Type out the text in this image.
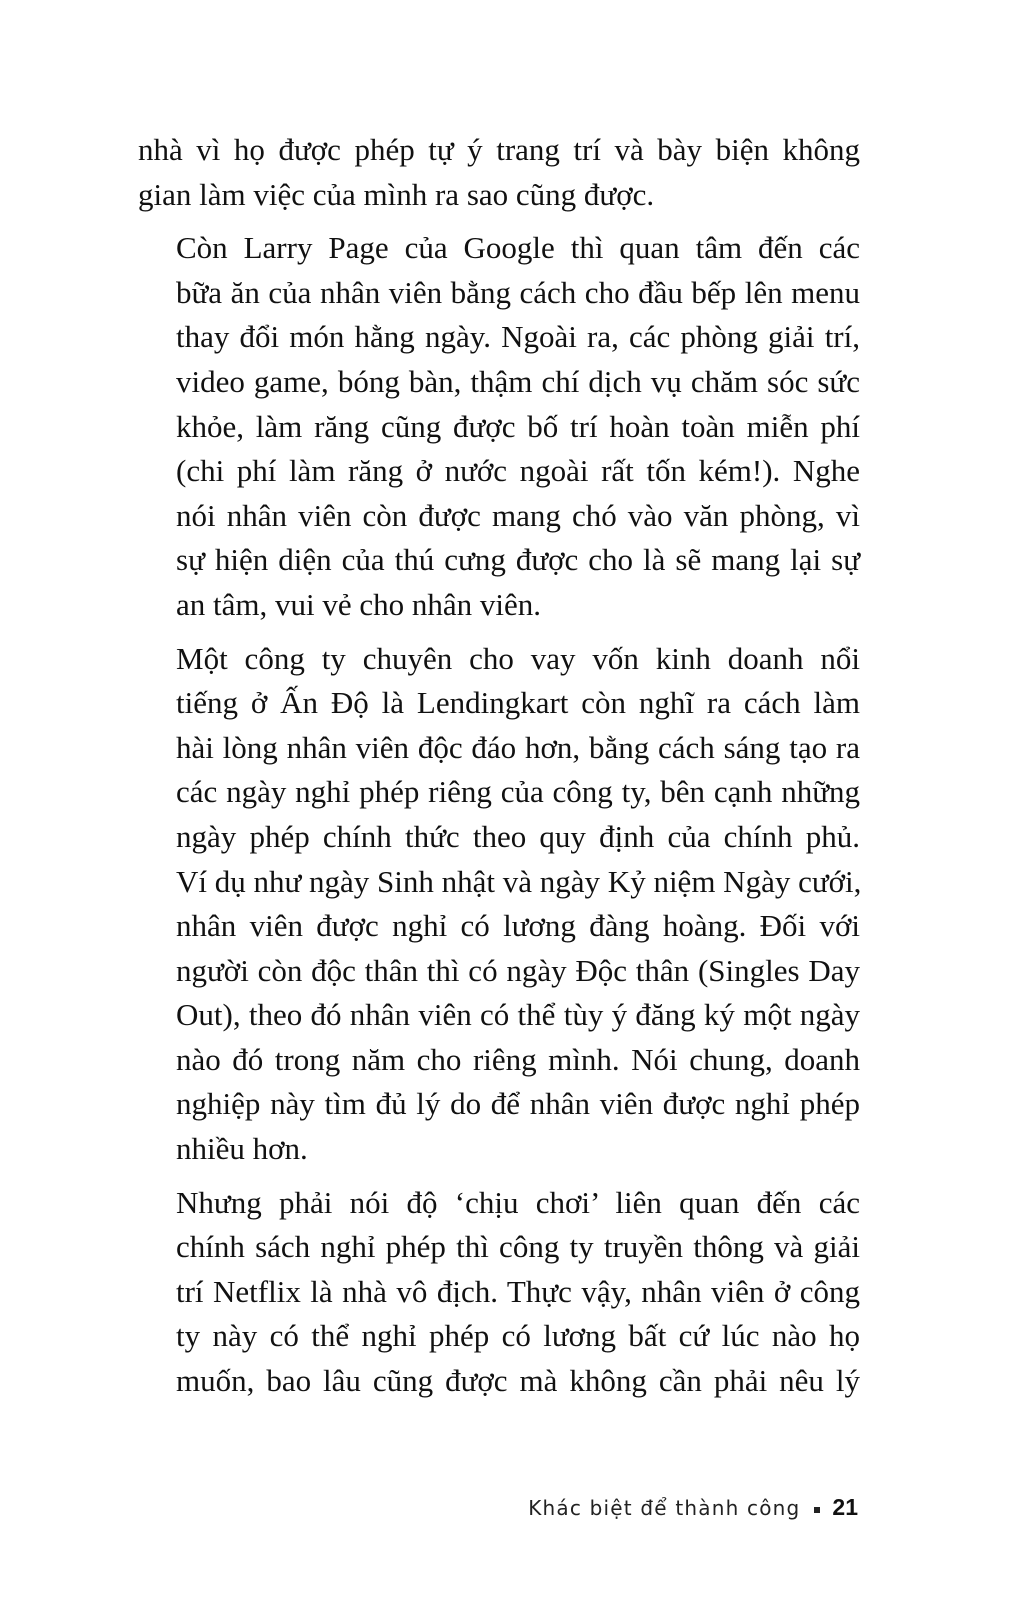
nhà vì họ được phép tự ý trang trí và bày biện không
gian làm việc của mình ra sao cũng được.

Còn Larry Page của Google thì quan tâm đến các
bữa ăn của nhân viên bằng cách cho đầu bếp lên menu
thay đổi món hằng ngày. Ngoài ra, các phòng giải trí,
video game, bóng bàn, thậm chí dịch vụ chăm sóc sức
khỏe, làm răng cũng được bố trí hoàn toàn miễn phí
(chi phí làm răng ở nước ngoài rất tốn kém!). Nghe
nói nhân viên còn được mang chó vào văn phòng, vì
sự hiện diện của thú cưng được cho là sẽ mang lại sự
an tâm, vui vẻ cho nhân viên.

Một công ty chuyên cho vay vốn kinh doanh nổi
tiếng ở Ấn Độ là Lendingkart còn nghĩ ra cách làm
hài lòng nhân viên độc đáo hơn, bằng cách sáng tạo ra
các ngày nghỉ phép riêng của công ty, bên cạnh những
ngày phép chính thức theo quy định của chính phủ.
Ví dụ như ngày Sinh nhật và ngày Kỷ niệm Ngày cưới,
nhân viên được nghỉ có lương đàng hoàng. Đối với
người còn độc thân thì có ngày Độc thân (Singles Day
Out), theo đó nhân viên có thể tùy ý đăng ký một ngày
nào đó trong năm cho riêng mình. Nói chung, doanh
nghiệp này tìm đủ lý do để nhân viên được nghỉ phép
nhiều hơn.

Nhưng phải nói độ ‘chịu chơi’ liên quan đến các
chính sách nghỉ phép thì công ty truyền thông và giải
trí Netflix là nhà vô địch. Thực vậy, nhân viên ở công
ty này có thể nghỉ phép có lương bất cứ lúc nào họ
muốn, bao lâu cũng được mà không cần phải nêu lý

Khác biệt để thành công 21
